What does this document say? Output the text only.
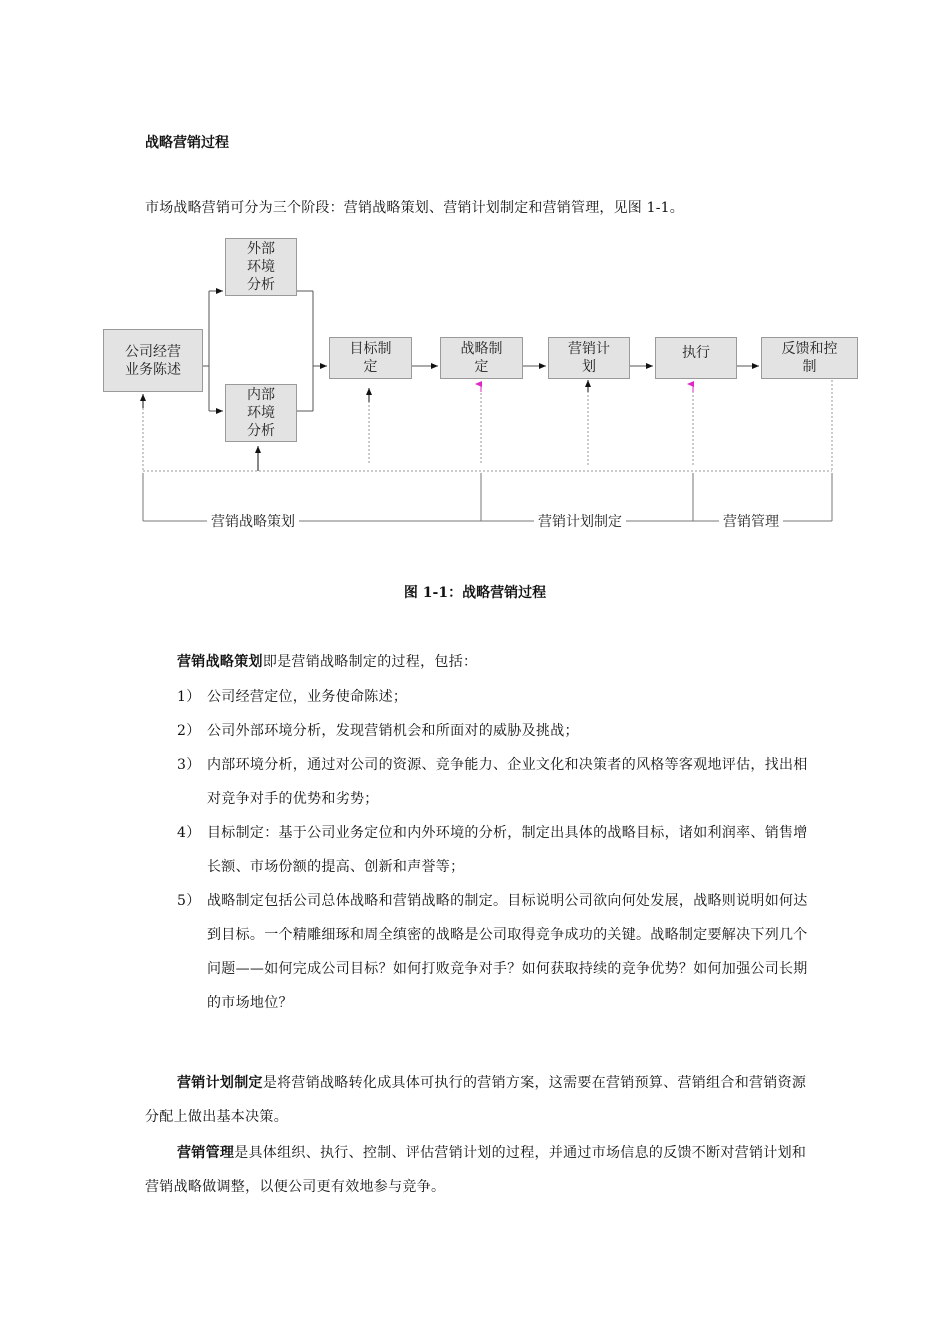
战略营销过程
市场战略营销可分为三个阶段：营销战略策划、营销计划制定和营销管理，见图 1-1。
公司经营
业务陈述
外部
环境
分析
内部
环境
分析
目标制
定
战略制
定
营销计
划
执行	反馈和控
制
营销战略策划	营销计划制定	营销管理
图 1-1：战略营销过程
营销战略策划即是营销战略制定的过程，包括：
1） 公司经营定位，业务使命陈述；
2） 公司外部环境分析，发现营销机会和所面对的威胁及挑战；
3） 内部环境分析，通过对公司的资源、竞争能力、企业文化和决策者的风格等客观地评估，找出相对竞争对手的优势和劣势；
4） 目标制定：基于公司业务定位和内外环境的分析，制定出具体的战略目标，诸如利润率、销售增长额、市场份额的提高、创新和声誉等；
5） 战略制定包括公司总体战略和营销战略的制定。目标说明公司欲向何处发展，战略则说明如何达到目标。一个精雕细琢和周全缜密的战略是公司取得竞争成功的关键。战略制定要解决下列几个问题——如何完成公司目标？如何打败竞争对手？如何获取持续的竞争优势？如何加强公司长期的市场地位？
营销计划制定是将营销战略转化成具体可执行的营销方案，这需要在营销预算、营销组合和营销资源分配上做出基本决策。
营销管理是具体组织、执行、控制、评估营销计划的过程，并通过市场信息的反馈不断对营销计划和营销战略做调整，以便公司更有效地参与竞争。
